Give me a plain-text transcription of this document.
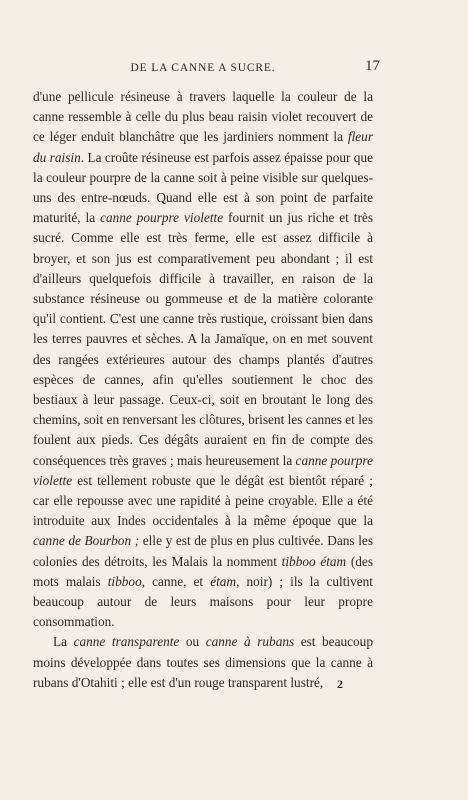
DE LA CANNE A SUCRE.	17

d'une pellicule résineuse à travers laquelle la couleur de la canne ressemble à celle du plus beau raisin violet recouvert de ce léger enduit blanchâtre que les jardiniers nomment la fleur du raisin. La croûte résineuse est parfois assez épaisse pour que la couleur pourpre de la canne soit à peine visible sur quelques-uns des entre-nœuds. Quand elle est à son point de parfaite maturité, la canne pourpre violette fournit un jus riche et très sucré. Comme elle est très ferme, elle est assez difficile à broyer, et son jus est comparativement peu abondant ; il est d'ailleurs quelquefois difficile à travailler, en raison de la substance résineuse ou gommeuse et de la matière colorante qu'il contient. C'est une canne très rustique, croissant bien dans les terres pauvres et sèches. A la Jamaïque, on en met souvent des rangées extérieures autour des champs plantés d'autres espèces de cannes, afin qu'elles soutiennent le choc des bestiaux à leur passage. Ceux-ci, soit en broutant le long des chemins, soit en renversant les clôtures, brisent les cannes et les foulent aux pieds. Ces dégâts auraient en fin de compte des conséquences très graves ; mais heureusement la canne pourpre violette est tellement robuste que le dégât est bientôt réparé ; car elle repousse avec une rapidité à peine croyable. Elle a été introduite aux Indes occidentales à la même époque que la canne de Bourbon ; elle y est de plus en plus cultivée. Dans les colonies des détroits, les Malais la nomment tibboo étam (des mots malais tibboo, canne, et étam, noir) ; ils la cultivent beaucoup autour de leurs maisons pour leur propre consommation.

La canne transparente ou canne à rubans est beaucoup moins développée dans toutes ses dimensions que la canne à rubans d'Otahiti ; elle est d'un rouge transparent lustré,	2
